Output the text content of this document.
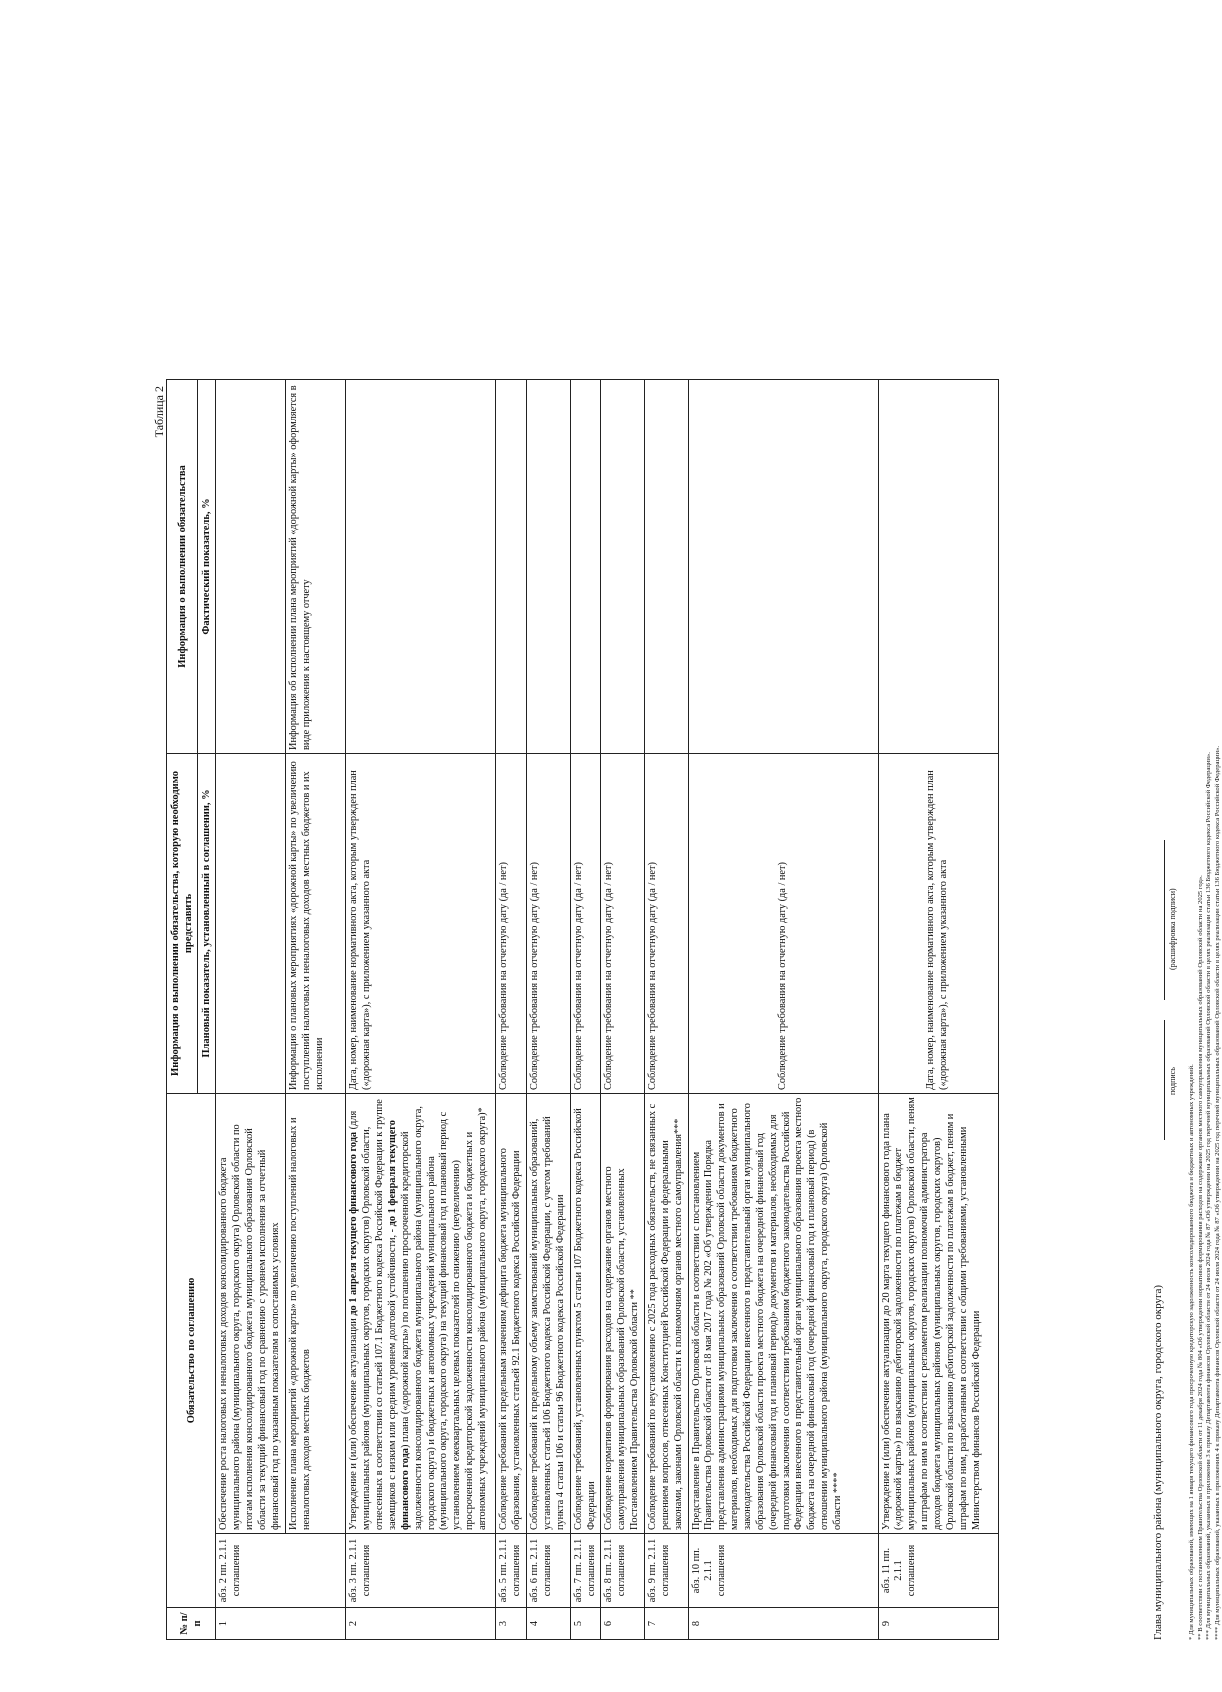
Таблица 2
№ п/п	Обязательство по соглашению		Информация о выполнении обязательства, которую необходимо представить	Информация о выполнении обязательства
			Плановый показатель, установленный в соглашении, %	Фактический показатель, %
1	абз. 2 пп. 2.1.1 соглашения	Обеспечение роста налоговых и неналоговых доходов консолидированного бюджета муниципального района (муниципального округа, городского округа) Орловской области по итогам исполнения консолидированного бюджета муниципального образования Орловской области за текущий финансовый год по сравнению с уровнем исполнения за отчетный финансовый год по указанным показателям в сопоставимых условиях		
		Исполнение плана мероприятий «дорожной карты» по увеличению поступлений налоговых и неналоговых доходов местных бюджетов	Информация о плановых мероприятиях «дорожной карты» по увеличению поступлений налоговых и неналоговых доходов местных бюджетов и их исполнении	Информация об исполнении плана мероприятий «дорожной карты» оформляется в виде приложения к настоящему отчету
2	абз. 3 пп. 2.1.1 соглашения	Утверждение и (или) обеспечение актуализации до 1 апреля текущего финансового года (для муниципальных районов (муниципальных округов, городских округов) Орловской области, отнесенных в соответствии со статьей 107.1 Бюджетного кодекса Российской Федерации к группе заемщиков с низким или средним уровнем долговой устойчивости, - до 1 февраля текущего финансового года) плана («дорожной карты») по погашению просроченной кредиторской задолженности консолидированного бюджета муниципального района (муниципального округа, городского округа) и бюджетных и автономных учреждений муниципального района (муниципального округа, городского округа) на текущий финансовый год и плановый период с установлением ежеквартальных целевых показателей по снижению (неувеличению) просроченной кредиторской задолженности консолидированного бюджета и бюджетных и автономных учреждений муниципального района (муниципального округа, городского округа)*	Дата, номер, наименование нормативного акта, которым утвержден план («дорожная карта»), с приложением указанного акта	
3	абз. 5 пп. 2.1.1 соглашения	Соблюдение требований к предельным значениям дефицита бюджета муниципального образования, установленных статьей 92.1 Бюджетного кодекса Российской Федерации	Соблюдение требования на отчетную дату (да / нет)	
4	абз. 6 пп. 2.1.1 соглашения	Соблюдение требований к предельному объему заимствований муниципальных образований, установленных статьей 106 Бюджетного кодекса Российской Федерации, с учетом требований пункта 4 статьи 106 и статьи 96 Бюджетного кодекса Российской Федерации	Соблюдение требования на отчетную дату (да / нет)	
5	абз. 7 пп. 2.1.1 соглашения	Соблюдение требований, установленных пунктом 5 статьи 107 Бюджетного кодекса Российской Федерации	Соблюдение требования на отчетную дату (да / нет)	
6	абз. 8 пп. 2.1.1 соглашения	Соблюдение нормативов формирования расходов на содержание органов местного самоуправления муниципальных образований Орловской области, установленных Постановлением Правительства Орловской области **	Соблюдение требования на отчетную дату (да / нет)	
7	абз. 9 пп. 2.1.1 соглашения	Соблюдение требований по неустановлению с 2025 года расходных обязательств, не связанных с решением вопросов, отнесенных Конституцией Российской Федерации и федеральными законами, законами Орловской области к полномочиям органов местного самоуправления***	Соблюдение требования на отчетную дату (да / нет)	
8	абз. 10 пп. 2.1.1 соглашения	Представление в Правительство Орловской области в соответствии с постановлением Правительства Орловской области от 18 мая 2017 года № 202 «Об утверждении Порядка представления администрациями муниципальных образований Орловской области документов и материалов, необходимых для подготовки заключения о соответствии требованиям бюджетного законодательства Российской Федерации внесенного в представительный орган муниципального образования Орловской области проекта местного бюджета на очередной финансовый год (очередной финансовый год и плановый период)» документов и материалов, необходимых для подготовки заключения о соответствии требованиям бюджетного законодательства Российской Федерации внесенного в представительный орган муниципального образования проекта местного бюджета на очередной финансовый год (очередной финансовый год и плановый период) (в отношении муниципального района (муниципального округа, городского округа) Орловской области ****	Соблюдение требования на отчетную дату (да / нет)	
9	абз. 11 пп. 2.1.1 соглашения	Утверждение и (или) обеспечение актуализации до 20 марта текущего финансового года плана («дорожной карты») по взысканию дебиторской задолженности по платежам в бюджет муниципальных районов (муниципальных округов, городских округов) Орловской области, пеням и штрафам по ним в соответствии с регламентом реализации полномочий администратора доходов бюджета муниципальных районов (муниципальных округов, городских округов) Орловской области по взысканию дебиторской задолженности по платежам в бюджет, пеням и штрафам по ним, разработанным в соответствии с общими требованиями, установленными Министерством финансов Российской Федерации	Дата, номер, наименование нормативного акта, которым утвержден план («дорожная карта»), с приложением указанного акта	
Глава муниципального района (муниципального округа, городского округа)
подпись
(расшифровка подписи)
* Для муниципальных образований, имеющих на 1 января текущего финансового года просроченную кредиторскую задолженность консолидированного бюджета и бюджетных и автономных учреждений. ** В соответствии с постановлением Правительства Орловской области от 11 декабря 2024 года № 804 «Об утверждении нормативов формирования расходов на содержание органов местного самоуправления муниципальных образований Орловской области на 2025 год». *** Для муниципальных образований, указанных в приложении 3 к приказу Департамента финансов Орловской области от 24 июля 2024 года № 87 «Об утверждении на 2025 год перечней муниципальных образований Орловской области в целях реализации статьи 136 Бюджетного кодекса Российской Федерации». **** Для муниципальных образований, указанных в приложениях 4 к приказу Департамента финансов Орловской области от 24 июля 2024 года № 87 «Об утверждении на 2025 год перечней муниципальных образований Орловской области в целях реализации статьи 136 Бюджетного кодекса Российской Федерации».
